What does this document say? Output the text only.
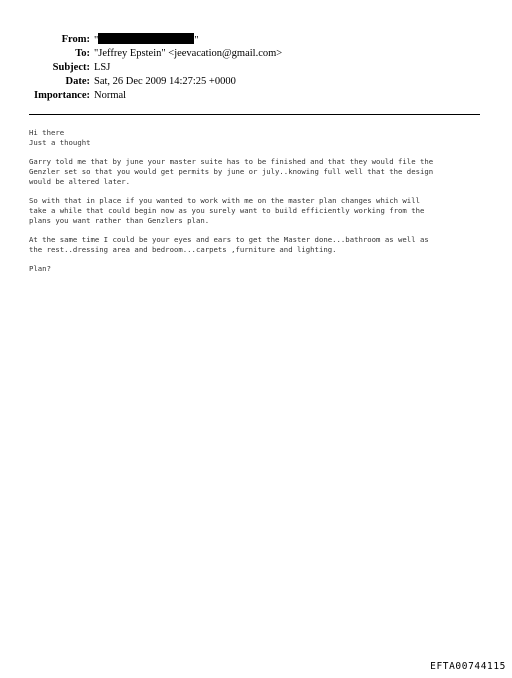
From: "	"
To: "Jeffrey Epstein" <jeevacation@gmail.com>
Subject: LSJ
Date: Sat, 26 Dec 2009 14:27:25 +0000
Importance: Normal

Hi there
Just a thought

Garry told me that by june your master suite has to be finished and that they would file the
Genzler set so that you would get permits by june or july..knowing full well that the design
would be altered later.

So with that in place if you wanted to work with me on the master plan changes which will
take a while that could begin now as you surely want to build efficiently working from the
plans you want rather than Genzlers plan.

At the same time I could be your eyes and ears to get the Master done...bathroom as well as
the rest..dressing area and bedroom...carpets ,furniture and lighting.

Plan?

EFTA00744115
